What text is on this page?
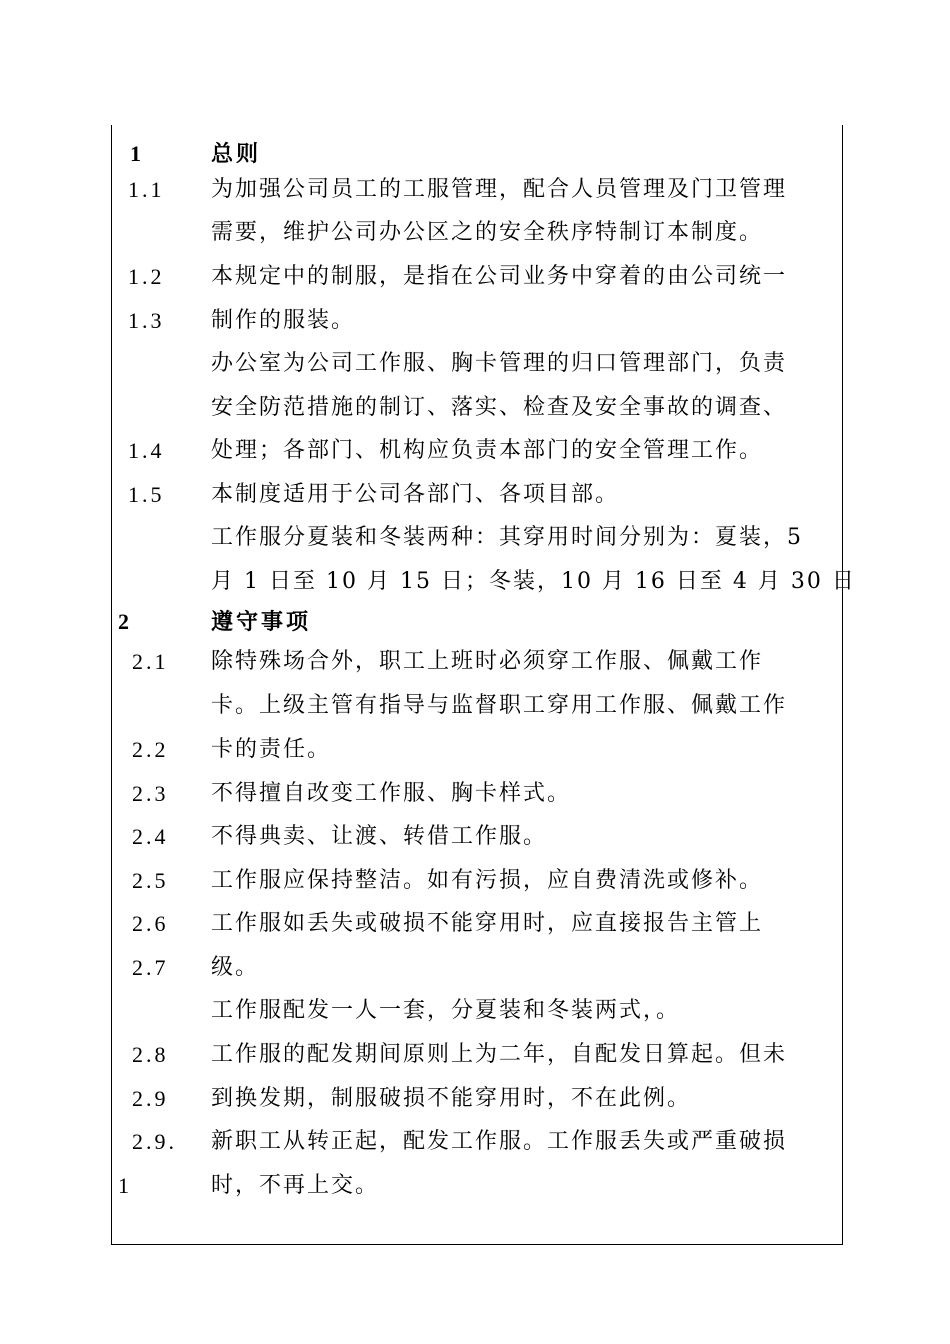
1	总则
1.1
1.2
1.3
1.4
1.5
为加强公司员工的工服管理，配合人员管理及门卫管理
需要，维护公司办公区之的安全秩序特制订本制度。
本规定中的制服，是指在公司业务中穿着的由公司统一
制作的服装。
办公室为公司工作服、胸卡管理的归口管理部门，负责
安全防范措施的制订、落实、检查及安全事故的调查、
处理；各部门、机构应负责本部门的安全管理工作。
本制度适用于公司各部门、各项目部。
工作服分夏装和冬装两种：其穿用时间分别为：夏装，5
月 1 日至 10 月 15 日；冬装，10 月 16 日至 4 月 30 日
2	遵守事项
2.1
2.2
2.3
2.4
2.5
2.6
2.7
2.8
2.9
2.9.
1
除特殊场合外，职工上班时必须穿工作服、佩戴工作
卡。上级主管有指导与监督职工穿用工作服、佩戴工作
卡的责任。
不得擅自改变工作服、胸卡样式。
不得典卖、让渡、转借工作服。
工作服应保持整洁。如有污损，应自费清洗或修补。
工作服如丢失或破损不能穿用时，应直接报告主管上
级。
工作服配发一人一套，分夏装和冬装两式，。
工作服的配发期间原则上为二年，自配发日算起。但未
到换发期，制服破损不能穿用时，不在此例。
新职工从转正起，配发工作服。工作服丢失或严重破损
时，不再上交。
